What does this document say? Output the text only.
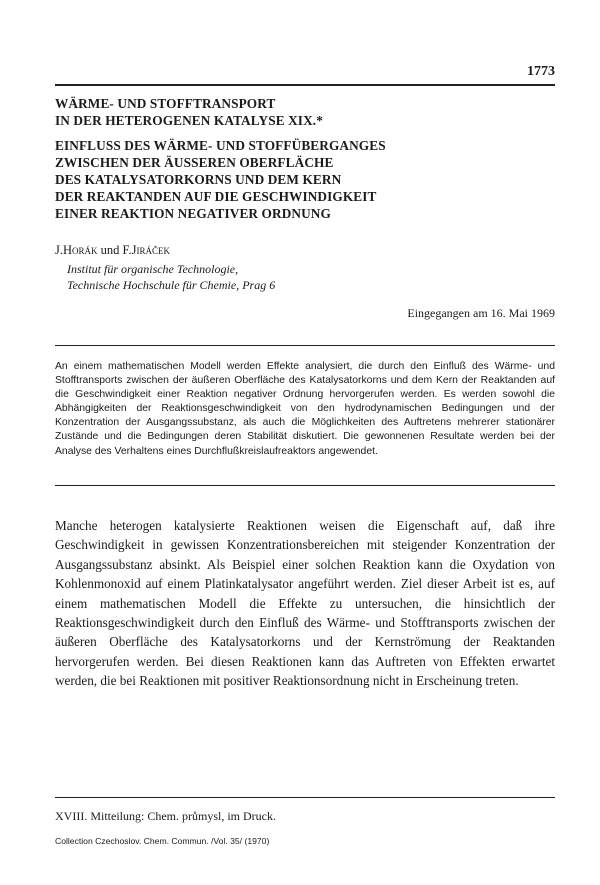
1773
WÄRME- UND STOFFTRANSPORT
IN DER HETEROGENEN KATALYSE XIX.*
EINFLUSS DES WÄRME- UND STOFFÜBERGANGES
ZWISCHEN DER ÄUSSEREN OBERFLÄCHE
DES KATALYSATORKORNS UND DEM KERN
DER REAKTANDEN AUF DIE GESCHWINDIGKEIT
EINER REAKTION NEGATIVER ORDNUNG
J.Horák und F.Jiráček
Institut für organische Technologie,
Technische Hochschule für Chemie, Prag 6
Eingegangen am 16. Mai 1969

An einem mathematischen Modell werden Effekte analysiert, die durch den Einfluß des Wärme- und Stofftransports zwischen der äußeren Oberfläche des Katalysatorkorns und dem Kern der Reaktanden auf die Geschwindigkeit einer Reaktion negativer Ordnung hervorgerufen werden. Es werden sowohl die Abhängigkeiten der Reaktionsgeschwindigkeit von den hydrodynamischen Bedingungen und der Konzentration der Ausgangssubstanz, als auch die Möglichkeiten des Auftretens mehrerer stationärer Zustände und die Bedingungen deren Stabilität diskutiert. Die gewonnenen Resultate werden bei der Analyse des Verhaltens eines Durchflußkreislaufreaktors angewendet.

Manche heterogen katalysierte Reaktionen weisen die Eigenschaft auf, daß ihre Geschwindigkeit in gewissen Konzentrationsbereichen mit steigender Konzentration der Ausgangssubstanz absinkt. Als Beispiel einer solchen Reaktion kann die Oxydation von Kohlenmonoxid auf einem Platinkatalysator angeführt werden. Ziel dieser Arbeit ist es, auf einem mathematischen Modell die Effekte zu untersuchen, die hinsichtlich der Reaktionsgeschwindigkeit durch den Einfluß des Wärme- und Stofftransports zwischen der äußeren Oberfläche des Katalysatorkorns und der Kernströmung der Reaktanden hervorgerufen werden. Bei diesen Reaktionen kann das Auftreten von Effekten erwartet werden, die bei Reaktionen mit positiver Reaktionsordnung nicht in Erscheinung treten.

XVIII. Mitteilung: Chem. průmysl, im Druck.
Collection Czechoslov. Chem. Commun. /Vol. 35/ (1970)
